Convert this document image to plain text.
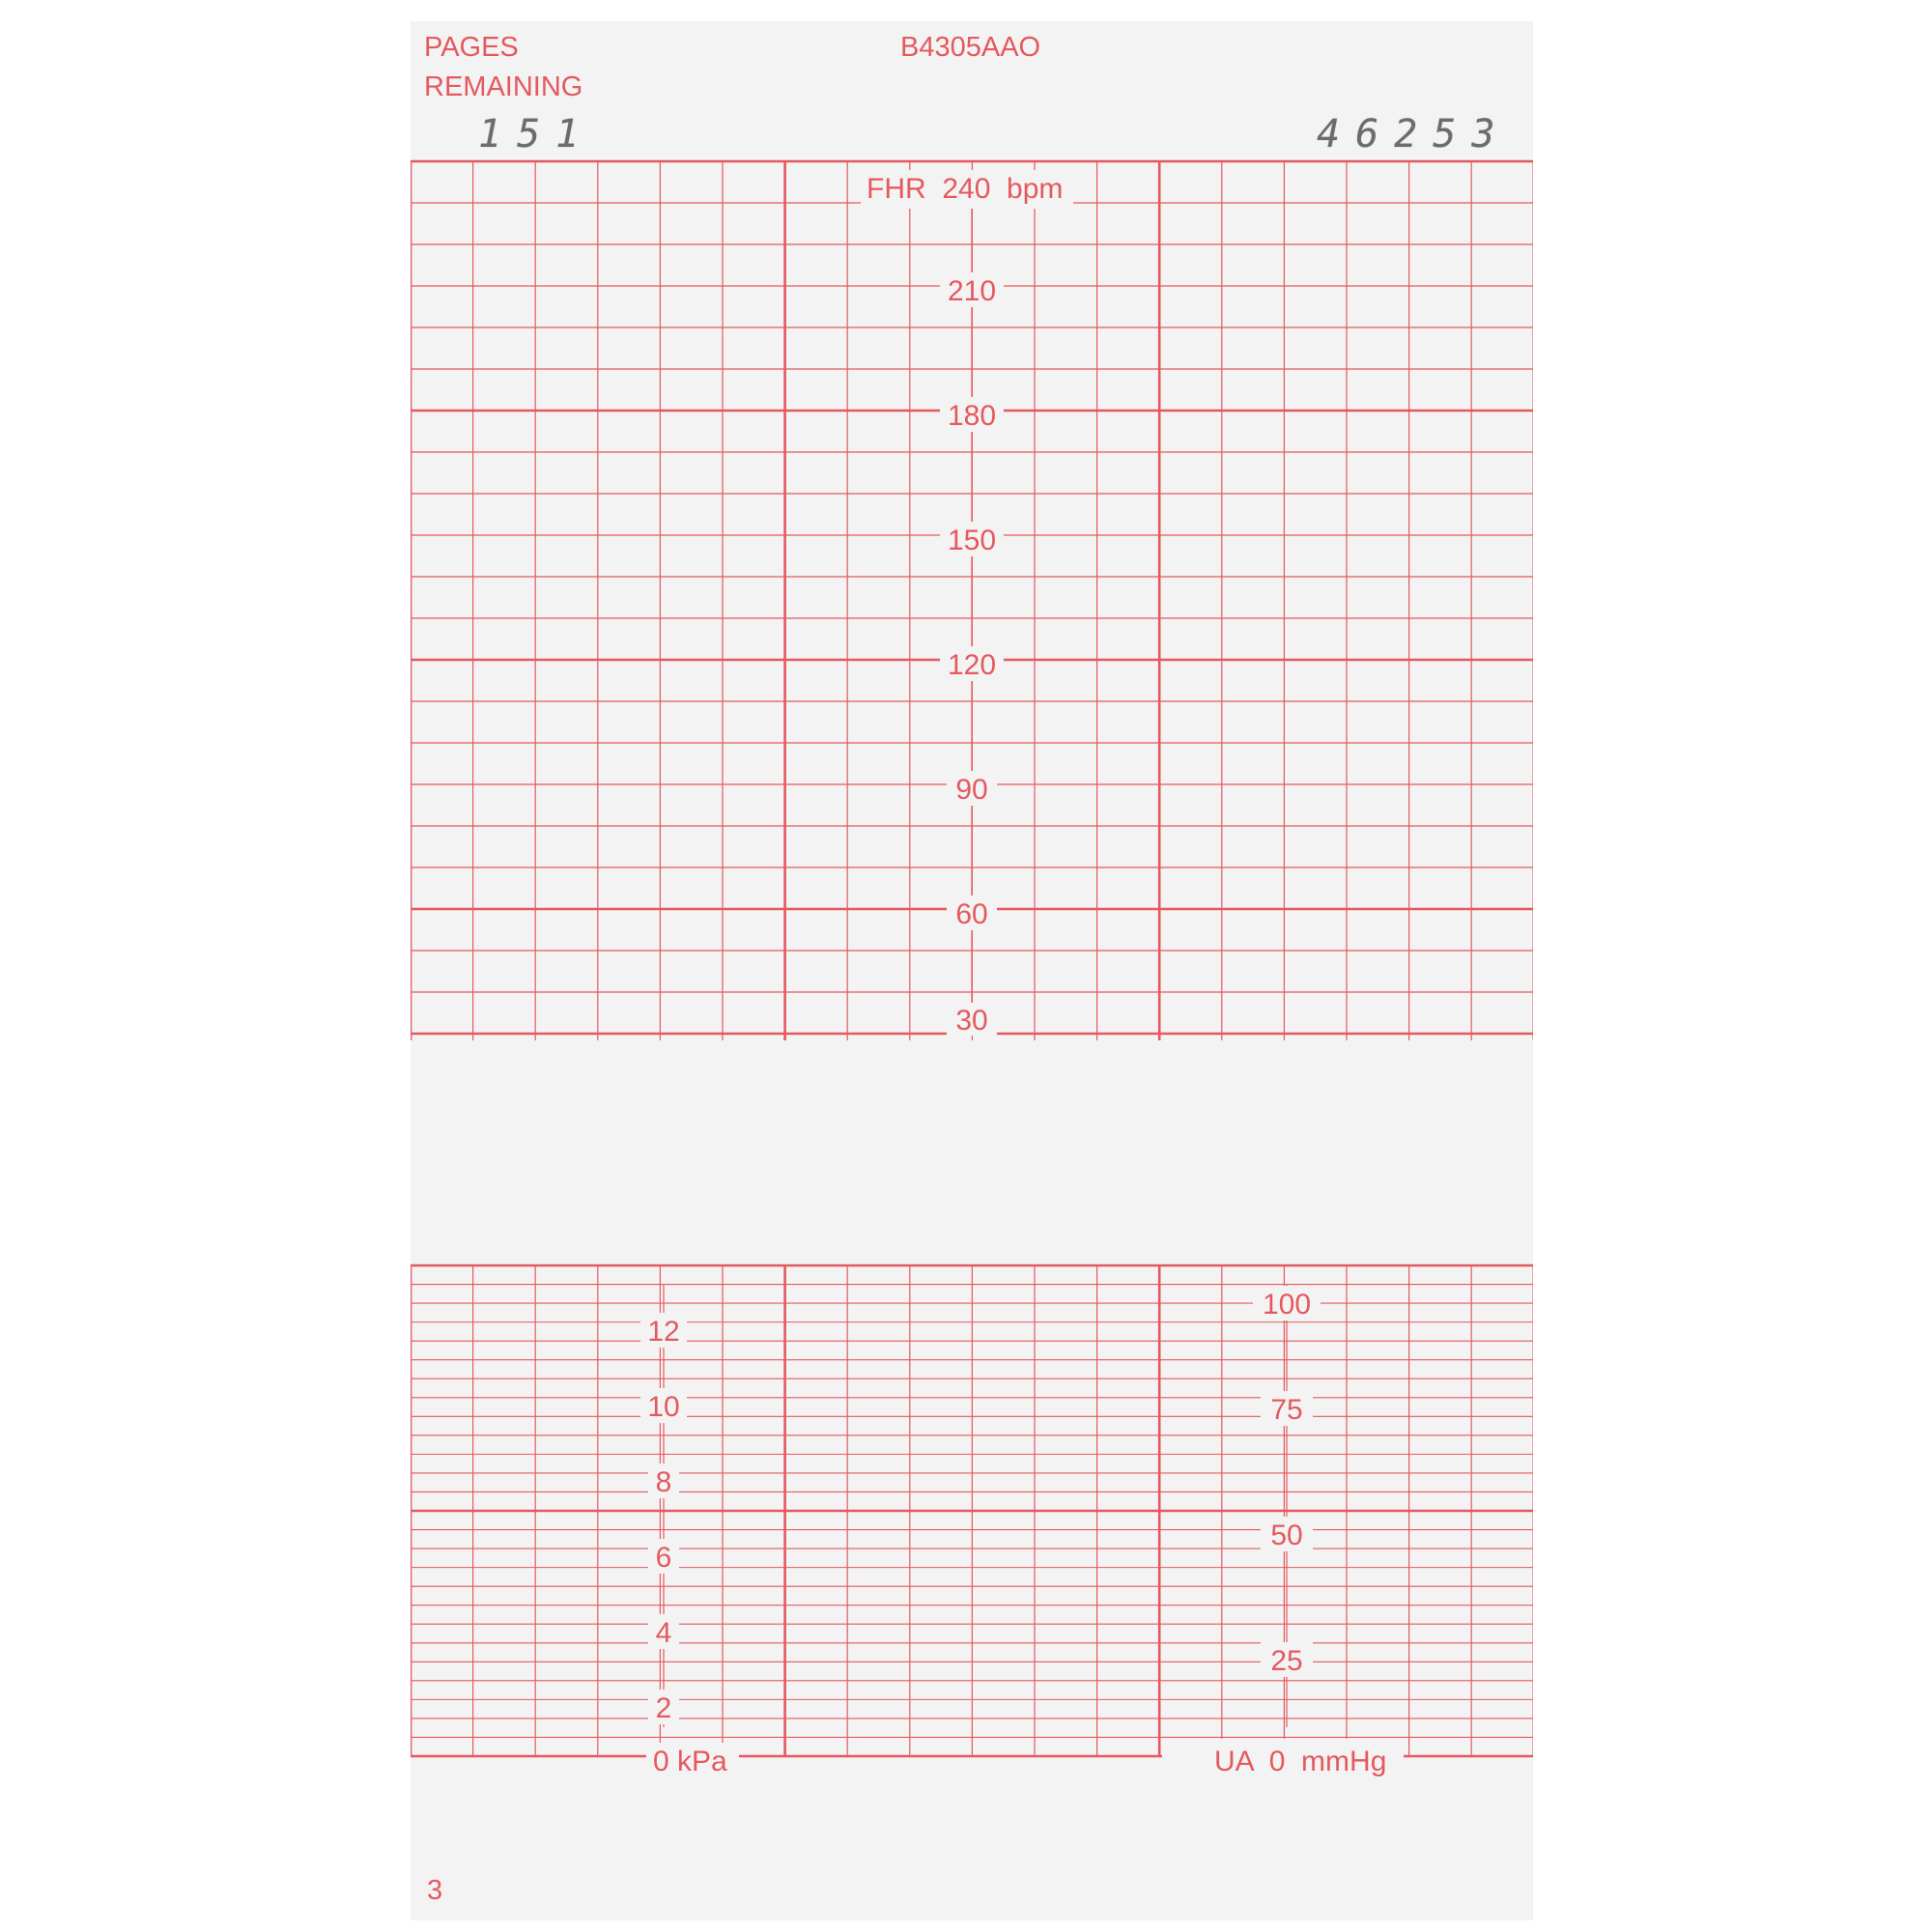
FHR  240  bpm
210
180
150
120
90
60
30
12
10
8
6
4
2
0 kPa
100
75
50
25
UA  0  mmHg
PAGES
REMAINING
B4305AAO
151	46253
3
